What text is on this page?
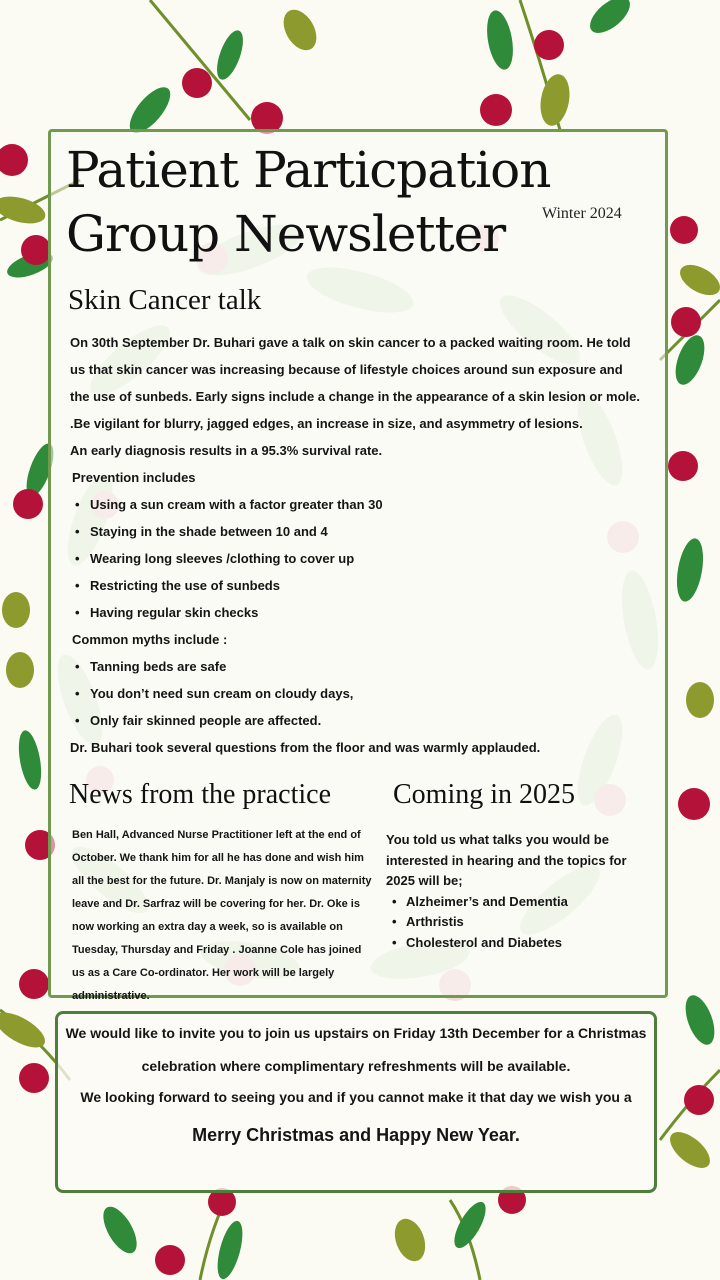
Patient Particpation
Group Newsletter	Winter 2024
Skin Cancer talk

On 30th September Dr. Buhari gave a talk on skin cancer to a packed waiting room. He told us that skin cancer was increasing because of lifestyle choices around sun exposure and the use of sunbeds. Early signs include a change in the appearance of a skin lesion or mole. .Be vigilant for blurry, jagged edges, an increase in size, and asymmetry of lesions.

An early diagnosis results in a 95.3% survival rate.

Prevention includes

• Using a sun cream with a factor greater than 30
• Staying in the shade between 10 and 4
• Wearing long sleeves /clothing to cover up
• Restricting the use of sunbeds
• Having regular skin checks

Common myths include :

• Tanning beds are safe
• You don’t need sun cream on cloudy days,
• Only fair skinned people are affected.

Dr. Buhari took several questions from the floor and was warmly applauded.

News from the practice
Ben Hall, Advanced Nurse Practitioner left at the end of October. We thank him for all he has done and wish him all the best for the future. Dr. Manjaly is now on maternity leave and Dr. Sarfraz will be covering for her. Dr. Oke is now working an extra day a week, so is available on Tuesday, Thursday and Friday . Joanne Cole has joined us as a Care Co-ordinator. Her work will be largely administrative.
Coming in 2025

You told us what talks you would be interested in hearing and the topics for 2025 will be;

• Alzheimer’s and Dementia
• Arthristis
• Cholesterol and Diabetes
We would like to invite you to join us upstairs on Friday 13th December for a Christmas
celebration where complimentary refreshments will be available.
We looking forward to seeing you and if you cannot make it that day we wish you a
Merry Christmas and Happy New Year.
